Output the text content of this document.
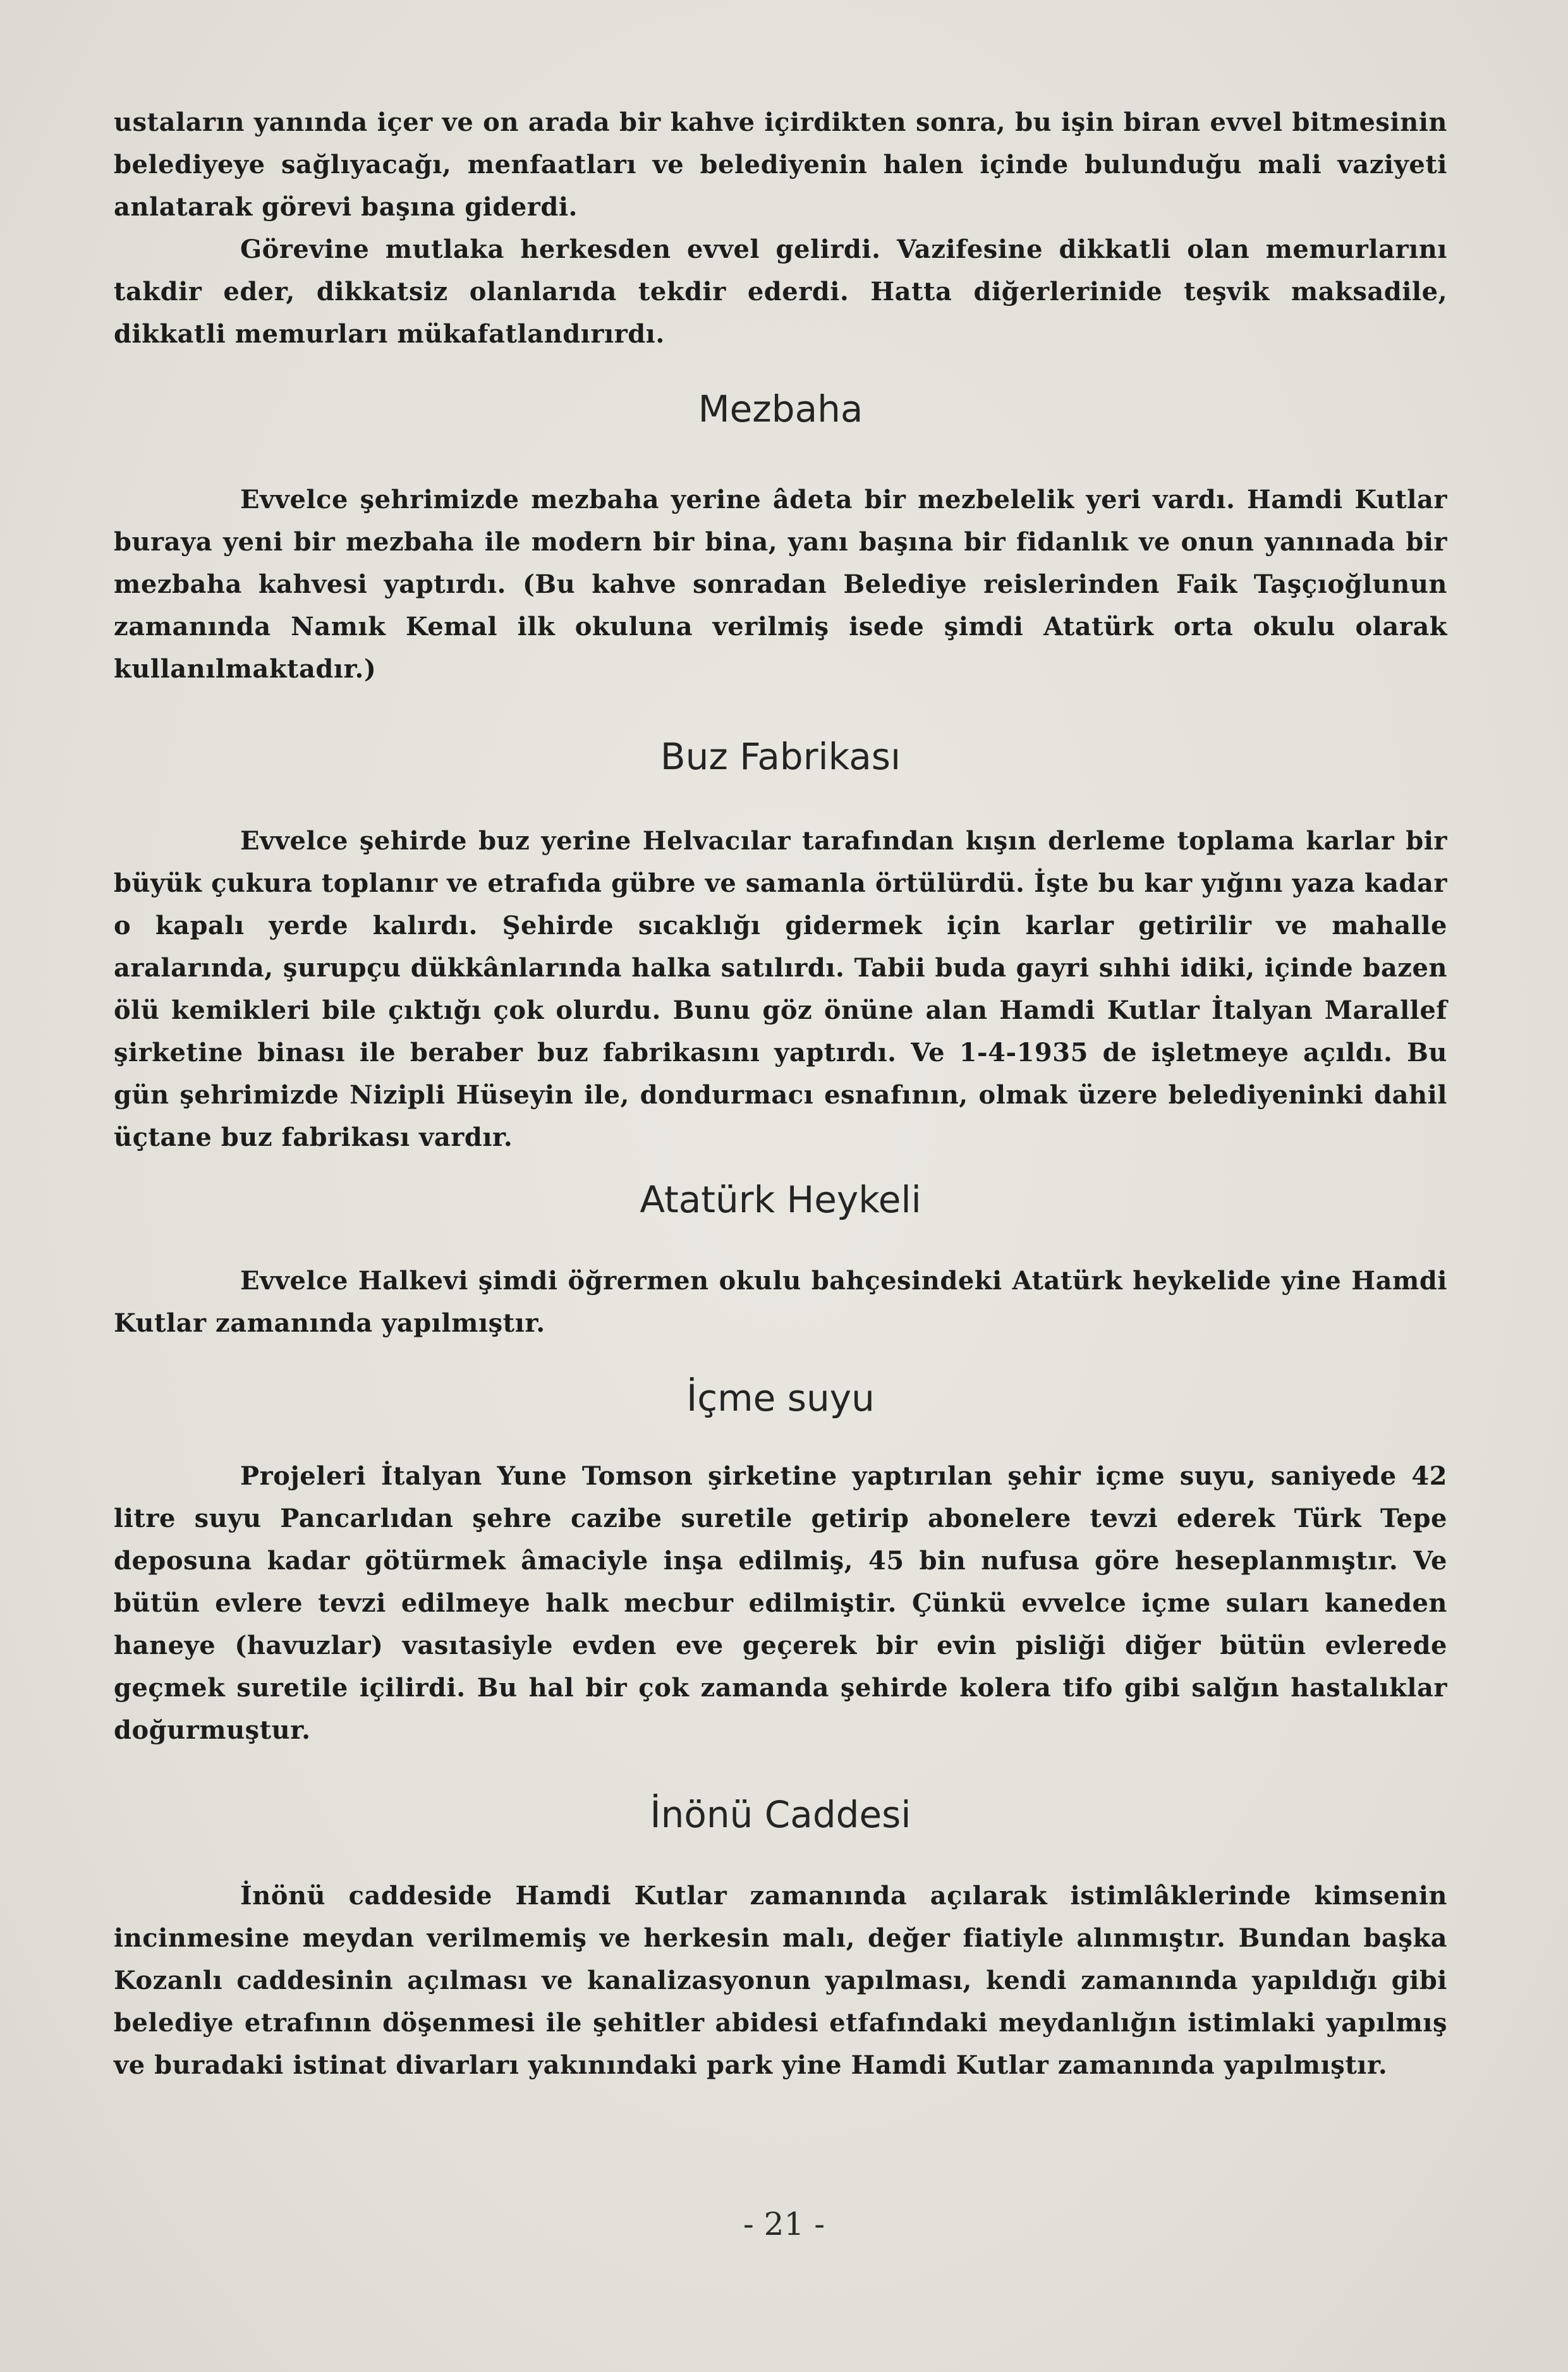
ustaların yanında içer ve on arada bir kahve içirdikten sonra, bu işin biran evvel bitmesinin belediyeye sağlıyacağı, menfaatları ve belediyenin halen içinde bulunduğu mali vaziyeti anlatarak görevi başına giderdi.

Görevine mutlaka herkesden evvel gelirdi. Vazifesine dikkatli olan memurlarını takdir eder, dikkatsiz olanlarıda tekdir ederdi. Hatta diğerlerinide teşvik maksadile, dikkatli memurları mükafatlandırırdı.

Mezbaha

Evvelce şehrimizde mezbaha yerine âdeta bir mezbelelik yeri vardı. Hamdi Kutlar buraya yeni bir mezbaha ile modern bir bina, yanı başına bir fidanlık ve onun yanınada bir mezbaha kahvesi yaptırdı. (Bu kahve sonradan Belediye reislerinden Faik Taşçıoğlunun zamanında Namık Kemal ilk okuluna verilmiş isede şimdi Atatürk orta okulu olarak kullanılmaktadır.)

Buz Fabrikası

Evvelce şehirde buz yerine Helvacılar tarafından kışın derleme toplama karlar bir büyük çukura toplanır ve etrafıda gübre ve samanla örtülürdü. İşte bu kar yığını yaza kadar o kapalı yerde kalırdı. Şehirde sıcaklığı gidermek için karlar getirilir ve mahalle aralarında, şurupçu dükkânlarında halka satılırdı. Tabii buda gayri sıhhi idiki, içinde bazen ölü kemikleri bile çıktığı çok olurdu. Bunu göz önüne alan Hamdi Kutlar İtalyan Marallef şirketine binası ile beraber buz fabrikasını yaptırdı. Ve 1-4-1935 de işletmeye açıldı. Bu gün şehrimizde Nizipli Hüseyin ile, dondurmacı esnafının, olmak üzere belediyeninki dahil üçtane buz fabrikası vardır.

Atatürk Heykeli

Evvelce Halkevi şimdi öğrermen okulu bahçesindeki Atatürk heykelide yine Hamdi Kutlar zamanında yapılmıştır.

İçme suyu

Projeleri İtalyan Yune Tomson şirketine yaptırılan şehir içme suyu, saniyede 42 litre suyu Pancarlıdan şehre cazibe suretile getirip abonelere tevzi ederek Türk Tepe deposuna kadar götürmek âmaciyle inşa edilmiş, 45 bin nufusa göre heseplanmıştır. Ve bütün evlere tevzi edilmeye halk mecbur edilmiştir. Çünkü evvelce içme suları kaneden haneye (havuzlar) vasıtasiyle evden eve geçerek bir evin pisliği diğer bütün evlerede geçmek suretile içilirdi. Bu hal bir çok zamanda şehirde kolera tifo gibi salğın hastalıklar doğurmuştur.

İnönü Caddesi

İnönü caddeside Hamdi Kutlar zamanında açılarak istimlâklerinde kimsenin incinmesine meydan verilmemiş ve herkesin malı, değer fiatiyle alınmıştır. Bundan başka Kozanlı caddesinin açılması ve kanalizasyonun yapılması, kendi zamanında yapıldığı gibi belediye etrafının döşenmesi ile şehitler abidesi etfafındaki meydanlığın istimlaki yapılmış ve buradaki istinat divarları yakınındaki park yine Hamdi Kutlar zamanında yapılmıştır.

- 21 -
